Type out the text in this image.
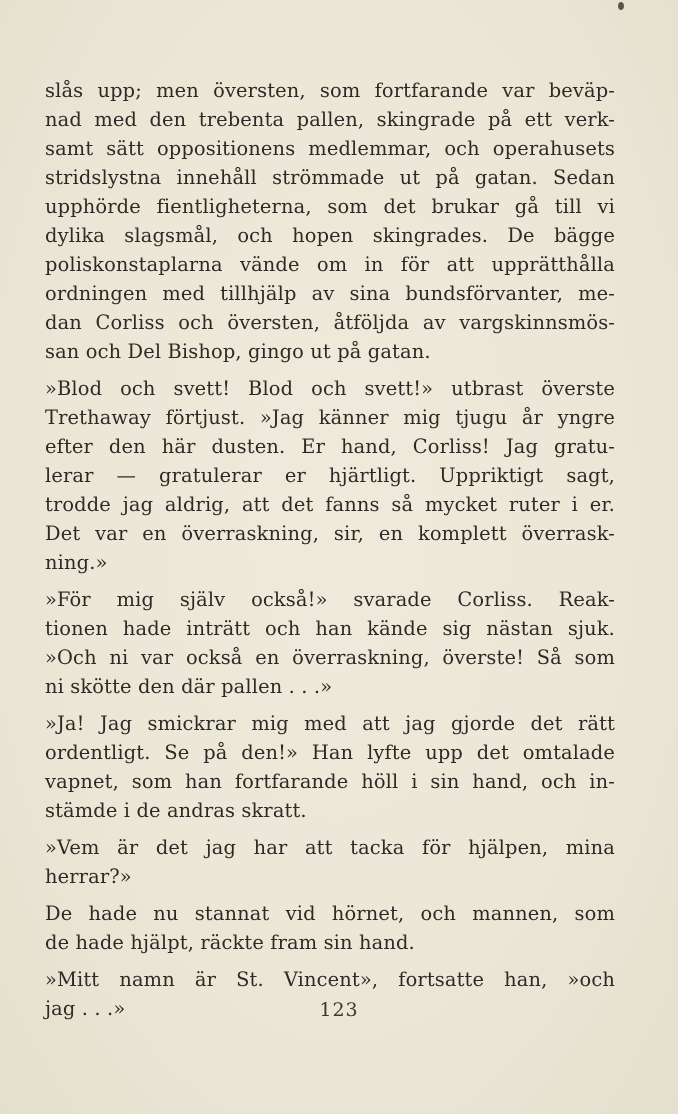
slås upp; men översten, som fortfarande var beväp-
nad med den trebenta pallen, skingrade på ett verk-
samt sätt oppositionens medlemmar, och operahusets
stridslystna innehåll strömmade ut på gatan. Sedan
upphörde fientligheterna, som det brukar gå till vi
dylika slagsmål, och hopen skingrades. De bägge
poliskonstaplarna vände om in för att upprätthålla
ordningen med tillhjälp av sina bundsförvanter, me-
dan Corliss och översten, åtföljda av vargskinnsmös-
san och Del Bishop, gingo ut på gatan.
»Blod och svett! Blod och svett!» utbrast överste
Trethaway förtjust. »Jag känner mig tjugu år yngre
efter den här dusten. Er hand, Corliss! Jag gratu-
lerar — gratulerar er hjärtligt. Uppriktigt sagt,
trodde jag aldrig, att det fanns så mycket ruter i er.
Det var en överraskning, sir, en komplett överrask-
ning.»
»För mig själv också!» svarade Corliss. Reak-
tionen hade inträtt och han kände sig nästan sjuk.
»Och ni var också en överraskning, överste! Så som
ni skötte den där pallen . . .»
»Ja! Jag smickrar mig med att jag gjorde det rätt
ordentligt. Se på den!» Han lyfte upp det omtalade
vapnet, som han fortfarande höll i sin hand, och in-
stämde i de andras skratt.
»Vem är det jag har att tacka för hjälpen, mina
herrar?»
De hade nu stannat vid hörnet, och mannen, som
de hade hjälpt, räckte fram sin hand.
»Mitt namn är St. Vincent», fortsatte han, »och
jag . . .»	123
